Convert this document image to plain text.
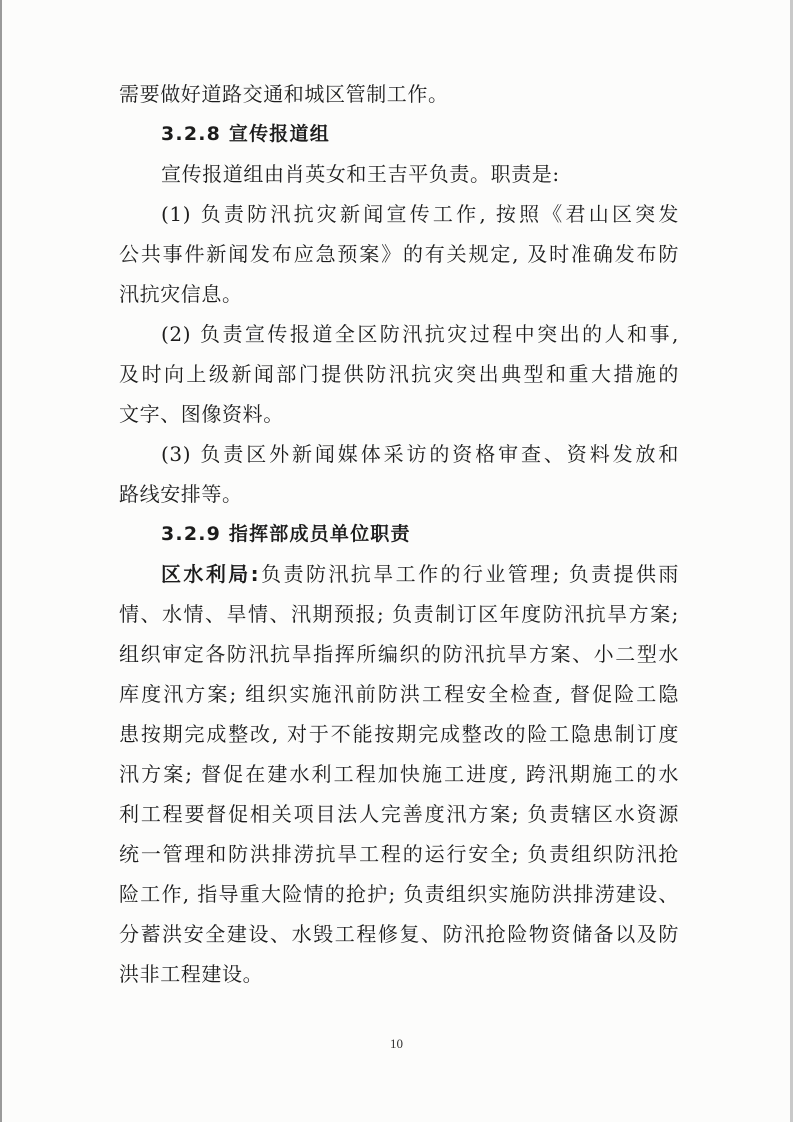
需要做好道路交通和城区管制工作。
3.2.8 宣传报道组
宣传报道组由肖英女和王吉平负责。职责是:
(1) 负责防汛抗灾新闻宣传工作, 按照《君山区突发
公共事件新闻发布应急预案》的有关规定, 及时准确发布防
汛抗灾信息。
(2) 负责宣传报道全区防汛抗灾过程中突出的人和事,
及时向上级新闻部门提供防汛抗灾突出典型和重大措施的
文字、图像资料。
(3) 负责区外新闻媒体采访的资格审查、资料发放和
路线安排等。
3.2.9 指挥部成员单位职责
区水利局:负责防汛抗旱工作的行业管理; 负责提供雨
情、水情、旱情、汛期预报; 负责制订区年度防汛抗旱方案;
组织审定各防汛抗旱指挥所编织的防汛抗旱方案、小二型水
库度汛方案; 组织实施汛前防洪工程安全检查, 督促险工隐
患按期完成整改, 对于不能按期完成整改的险工隐患制订度
汛方案; 督促在建水利工程加快施工进度, 跨汛期施工的水
利工程要督促相关项目法人完善度汛方案; 负责辖区水资源
统一管理和防洪排涝抗旱工程的运行安全; 负责组织防汛抢
险工作, 指导重大险情的抢护; 负责组织实施防洪排涝建设、
分蓄洪安全建设、水毁工程修复、防汛抢险物资储备以及防
洪非工程建设。
10
